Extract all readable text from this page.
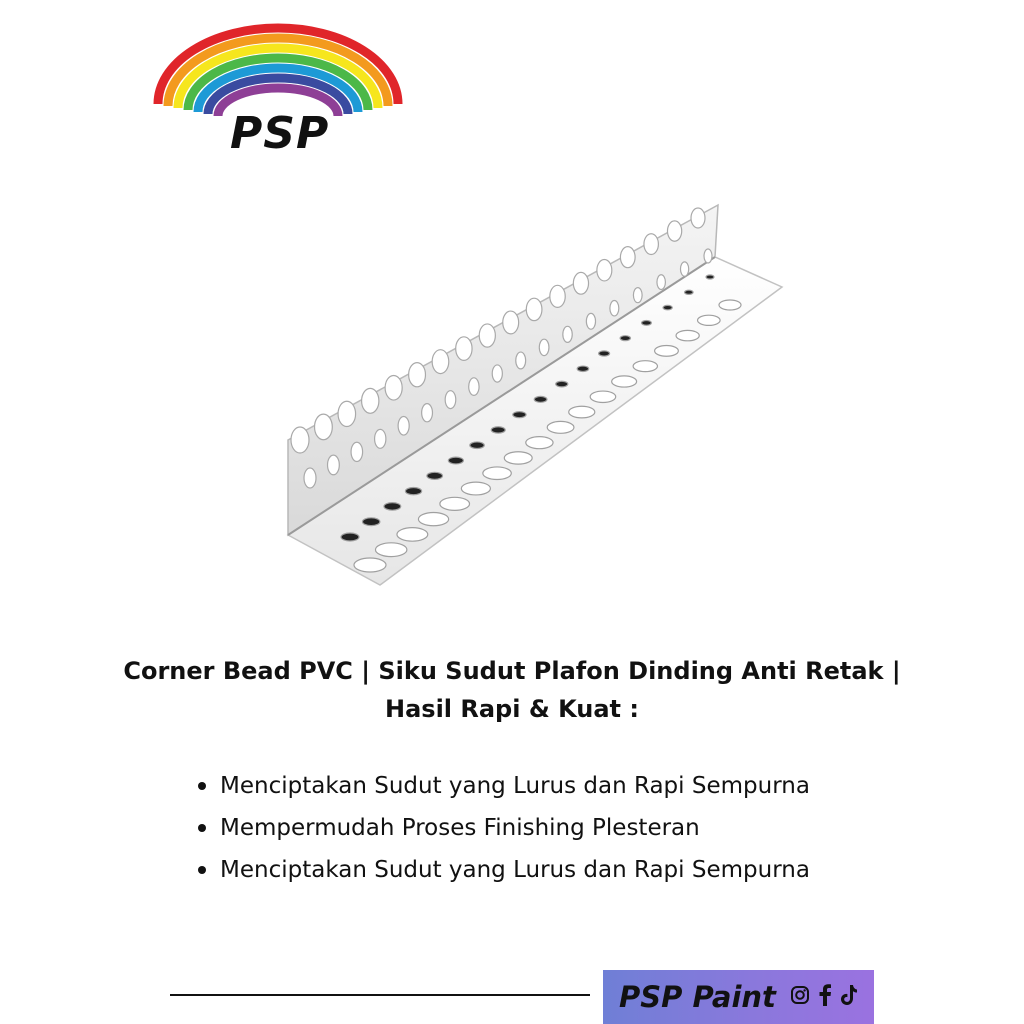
PSP
Corner Bead PVC | Siku Sudut Plafon Dinding Anti Retak | Hasil Rapi & Kuat :
Menciptakan Sudut yang Lurus dan Rapi Sempurna
Mempermudah Proses Finishing Plesteran
Menciptakan Sudut yang Lurus dan Rapi Sempurna
PSP Paint
